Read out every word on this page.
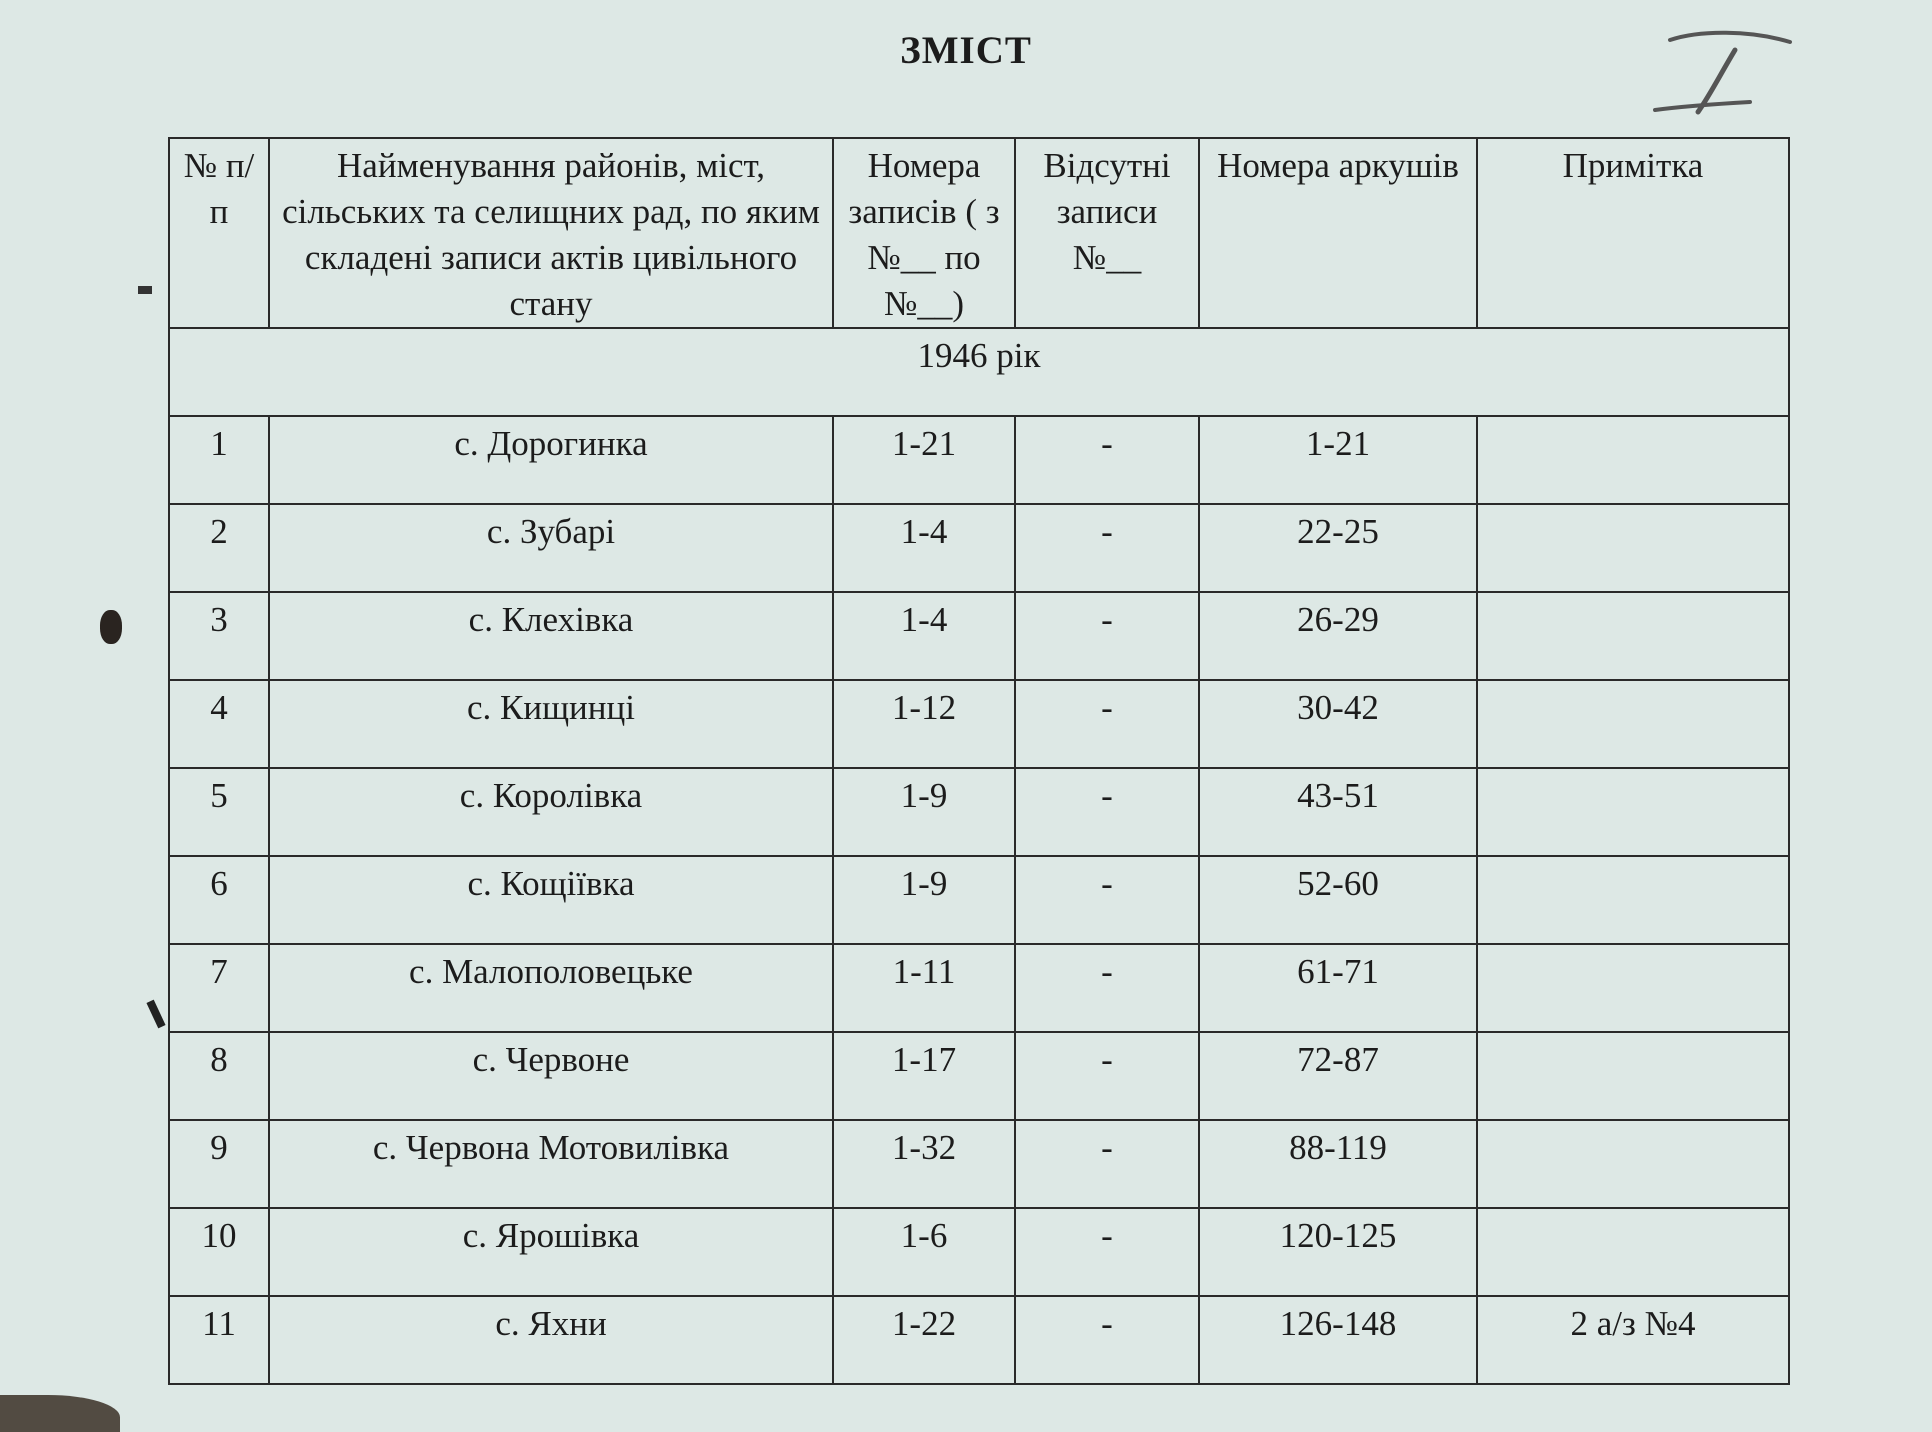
ЗМІСТ
№ п/п	Найменування районів, міст, сільських та селищних рад, по яким складені записи актів цивільного стану	Номера записів ( з №__ по №__)	Відсутні записи №__	Номера аркушів	Примітка
1946 рік					
1	с. Дорогинка	1-21	-	1-21	
2	с. Зубарі	1-4	-	22-25	
3	с. Клехівка	1-4	-	26-29	
4	с. Кищинці	1-12	-	30-42	
5	с. Королівка	1-9	-	43-51	
6	с. Кощіївка	1-9	-	52-60	
7	с. Малополовецьке	1-11	-	61-71	
8	с. Червоне	1-17	-	72-87	
9	с. Червона Мотовилівка	1-32	-	88-119	
10	с. Ярошівка	1-6	-	120-125	
11	с. Яхни	1-22	-	126-148	2 а/з №4
